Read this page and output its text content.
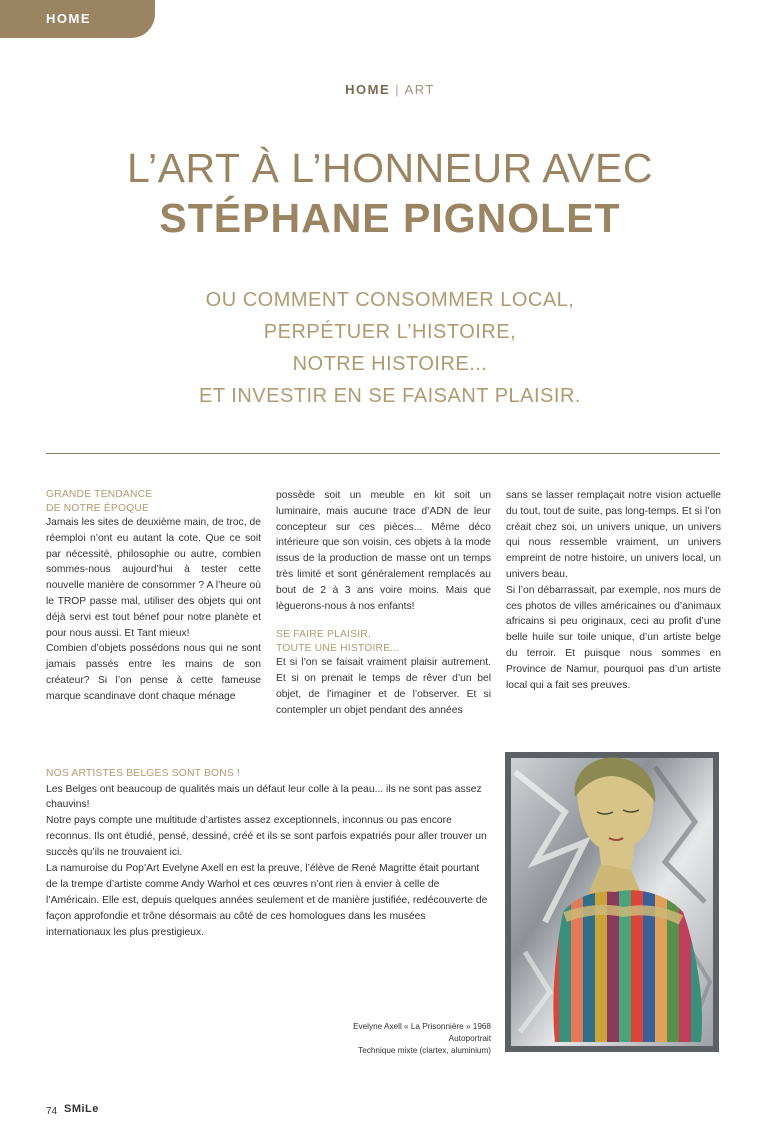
HOME
HOME | ART
L’ART À L’HONNEUR AVEC
STÉPHANE PIGNOLET
OU COMMENT CONSOMMER LOCAL,
PERPÉTUER L’HISTOIRE,
NOTRE HISTOIRE...
ET INVESTIR EN SE FAISANT PLAISIR.

GRANDE TENDANCE

DE NOTRE ÉPOQUE

Jamais les sites de deuxième main, de troc, de réemploi n’ont eu autant la cote. Que ce soit par nécessité, philosophie ou autre, combien sommes-nous aujourd’hui à tester cette nouvelle manière de consommer ? A l’heure où le TROP passe mal, utiliser des objets qui ont déjà servi est tout bénef pour notre planète et pour nous aussi. Et Tant mieux!

Combien d’objets possédons nous qui ne sont jamais passés entre les mains de son créateur? Si l’on pense à cette fameuse marque scandinave dont chaque ménage

possède soit un meuble en kit soit un luminaire, mais aucune trace d’ADN de leur concepteur sur ces pièces... Même déco intérieure que son voisin, ces objets à la mode issus de la production de masse ont un temps très limité et sont généralement remplacés au bout de 2 à 3 ans voire moins. Mais que lèguerons-nous à nos enfants!

SE FAIRE PLAISIR,

TOUTE UNE HISTOIRE...

Et si l’on se faisait vraiment plaisir autrement. Et si on prenait le temps de rêver d’un bel objet, de l’imaginer et de l’observer. Et si contempler un objet pendant des années

sans se lasser remplaçait notre vision actuelle du tout, tout de suite, pas long-temps. Et si l’on créait chez soi, un univers unique, un univers qui nous ressemble vraiment, un univers empreint de notre histoire, un univers local, un univers beau.

Si l’on débarrassait, par exemple, nos murs de ces photos de villes américaines ou d’animaux africains si peu originaux, ceci au profit d’une belle huile sur toile unique, d’un artiste belge du terroir. Et puisque nous sommes en Province de Namur, pourquoi pas d’un artiste local qui a fait ses preuves.

NOS ARTISTES BELGES SONT BONS !

Les Belges ont beaucoup de qualités mais un défaut leur colle à la peau... ils ne sont pas assez chauvins!

Notre pays compte une multitude d’artistes assez exceptionnels, inconnus ou pas encore reconnus. Ils ont étudié, pensé, dessiné, créé et ils se sont parfois expatriés pour aller trouver un succès qu’ils ne trouvaient ici.

La namuroise du Pop’Art Evelyne Axell en est la preuve, l’élève de René Magritte était pourtant de la trempe d’artiste comme Andy Warhol et ces œuvres n’ont rien à envier à celle de l’Américain. Elle est, depuis quelques années seulement et de manière justifiée, redécouverte de façon approfondie et trône désormais au côté de ces homologues dans les musées internationaux les plus prestigieux.

Evelyne Axell « La Prisonnière » 1968
Autoportrait
Technique mixte (clartex, aluminium)
74 SMiLe
